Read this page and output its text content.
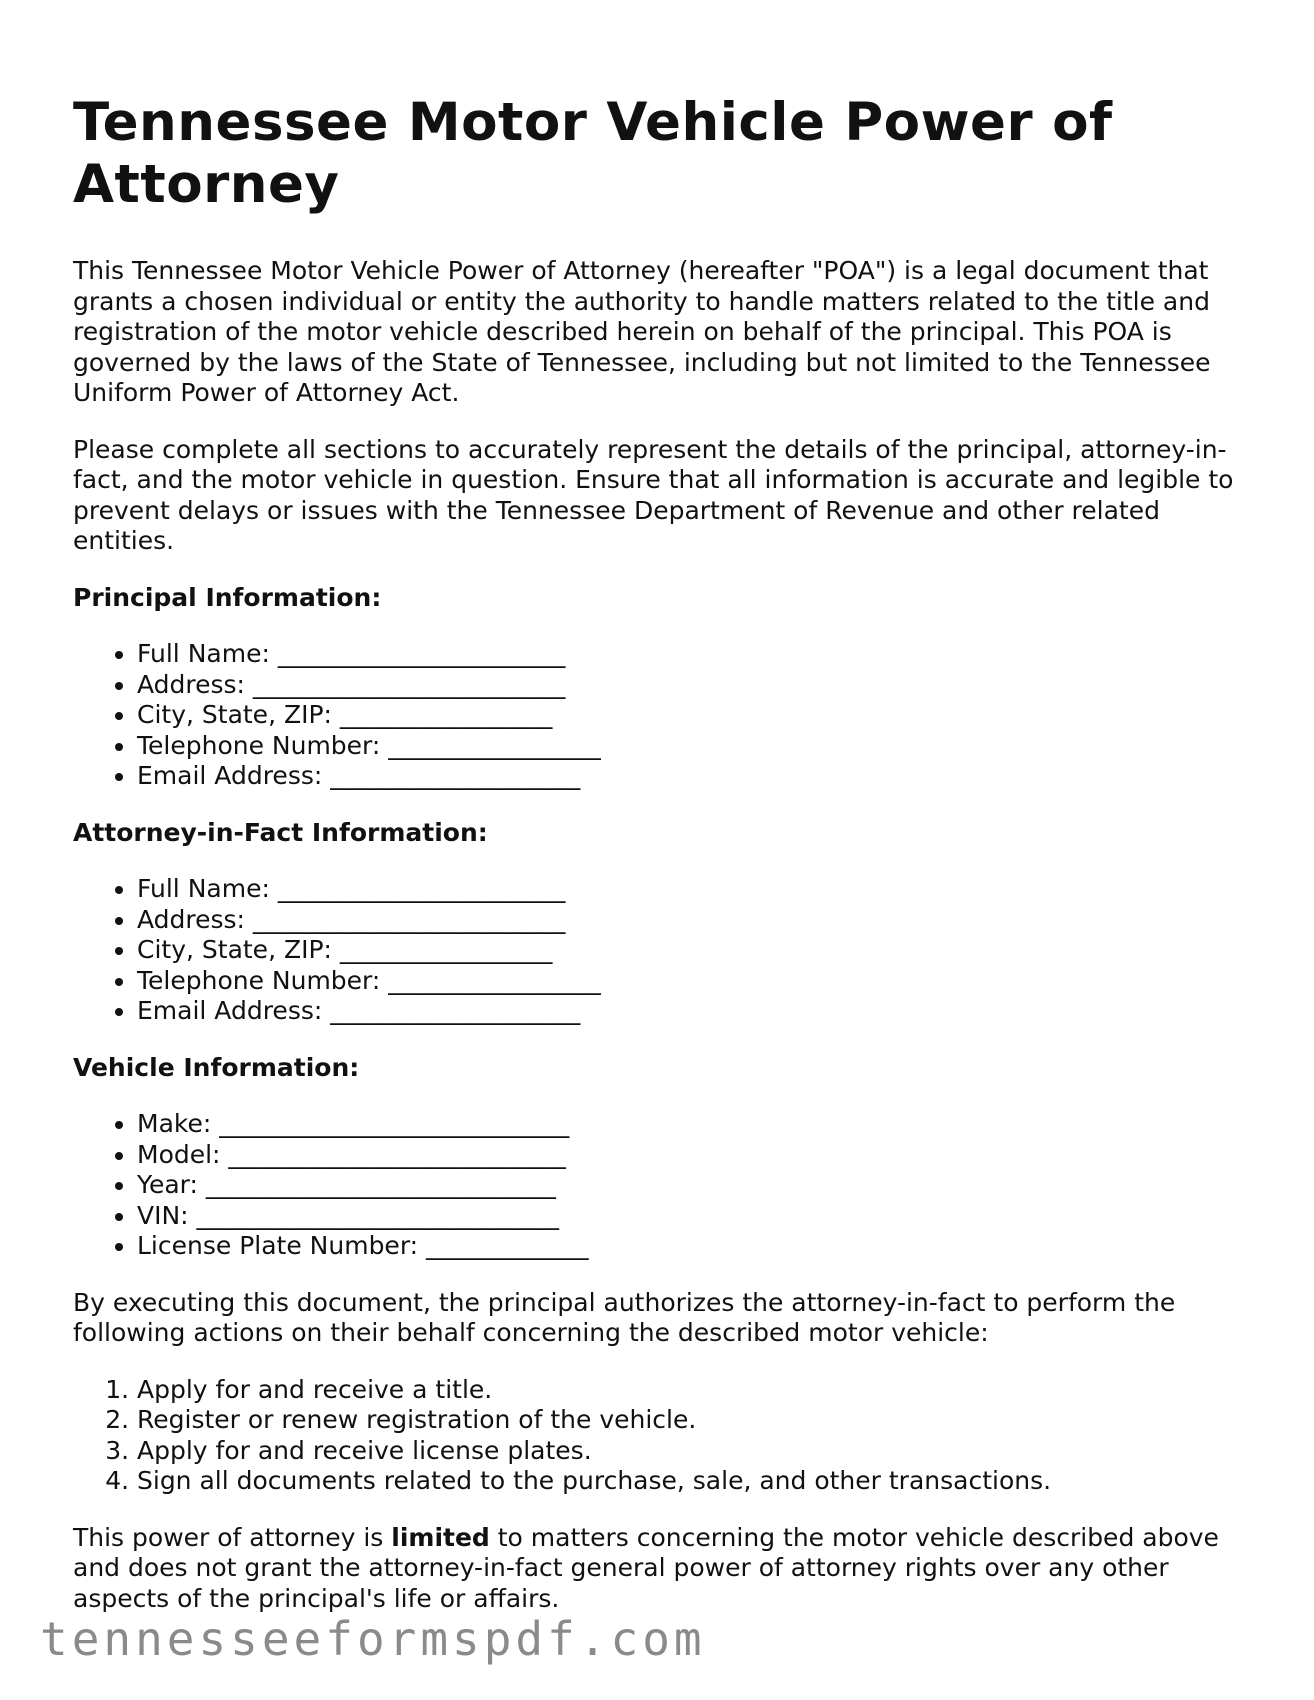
Tennessee Motor Vehicle Power of Attorney

This Tennessee Motor Vehicle Power of Attorney (hereafter "POA") is a legal document that grants a chosen individual or entity the authority to handle matters related to the title and registration of the motor vehicle described herein on behalf of the principal. This POA is governed by the laws of the State of Tennessee, including but not limited to the Tennessee Uniform Power of Attorney Act.

Please complete all sections to accurately represent the details of the principal, attorney-in-fact, and the motor vehicle in question. Ensure that all information is accurate and legible to prevent delays or issues with the Tennessee Department of Revenue and other related entities.

Principal Information:
• Full Name: _______________________
• Address: _________________________
• City, State, ZIP: _________________
• Telephone Number: _________________
• Email Address: ____________________
Attorney-in-Fact Information:
• Full Name: _______________________
• Address: _________________________
• City, State, ZIP: _________________
• Telephone Number: _________________
• Email Address: ____________________
Vehicle Information:
• Make: ____________________________
• Model: ___________________________
• Year: ____________________________
• VIN: _____________________________
• License Plate Number: _____________

By executing this document, the principal authorizes the attorney-in-fact to perform the following actions on their behalf concerning the described motor vehicle:

1. Apply for and receive a title.
2. Register or renew registration of the vehicle.
3. Apply for and receive license plates.
4. Sign all documents related to the purchase, sale, and other transactions.

This power of attorney is limited to matters concerning the motor vehicle described above and does not grant the attorney-in-fact general power of attorney rights over any other aspects of the principal's life or affairs.

tennesseeformspdf.com
